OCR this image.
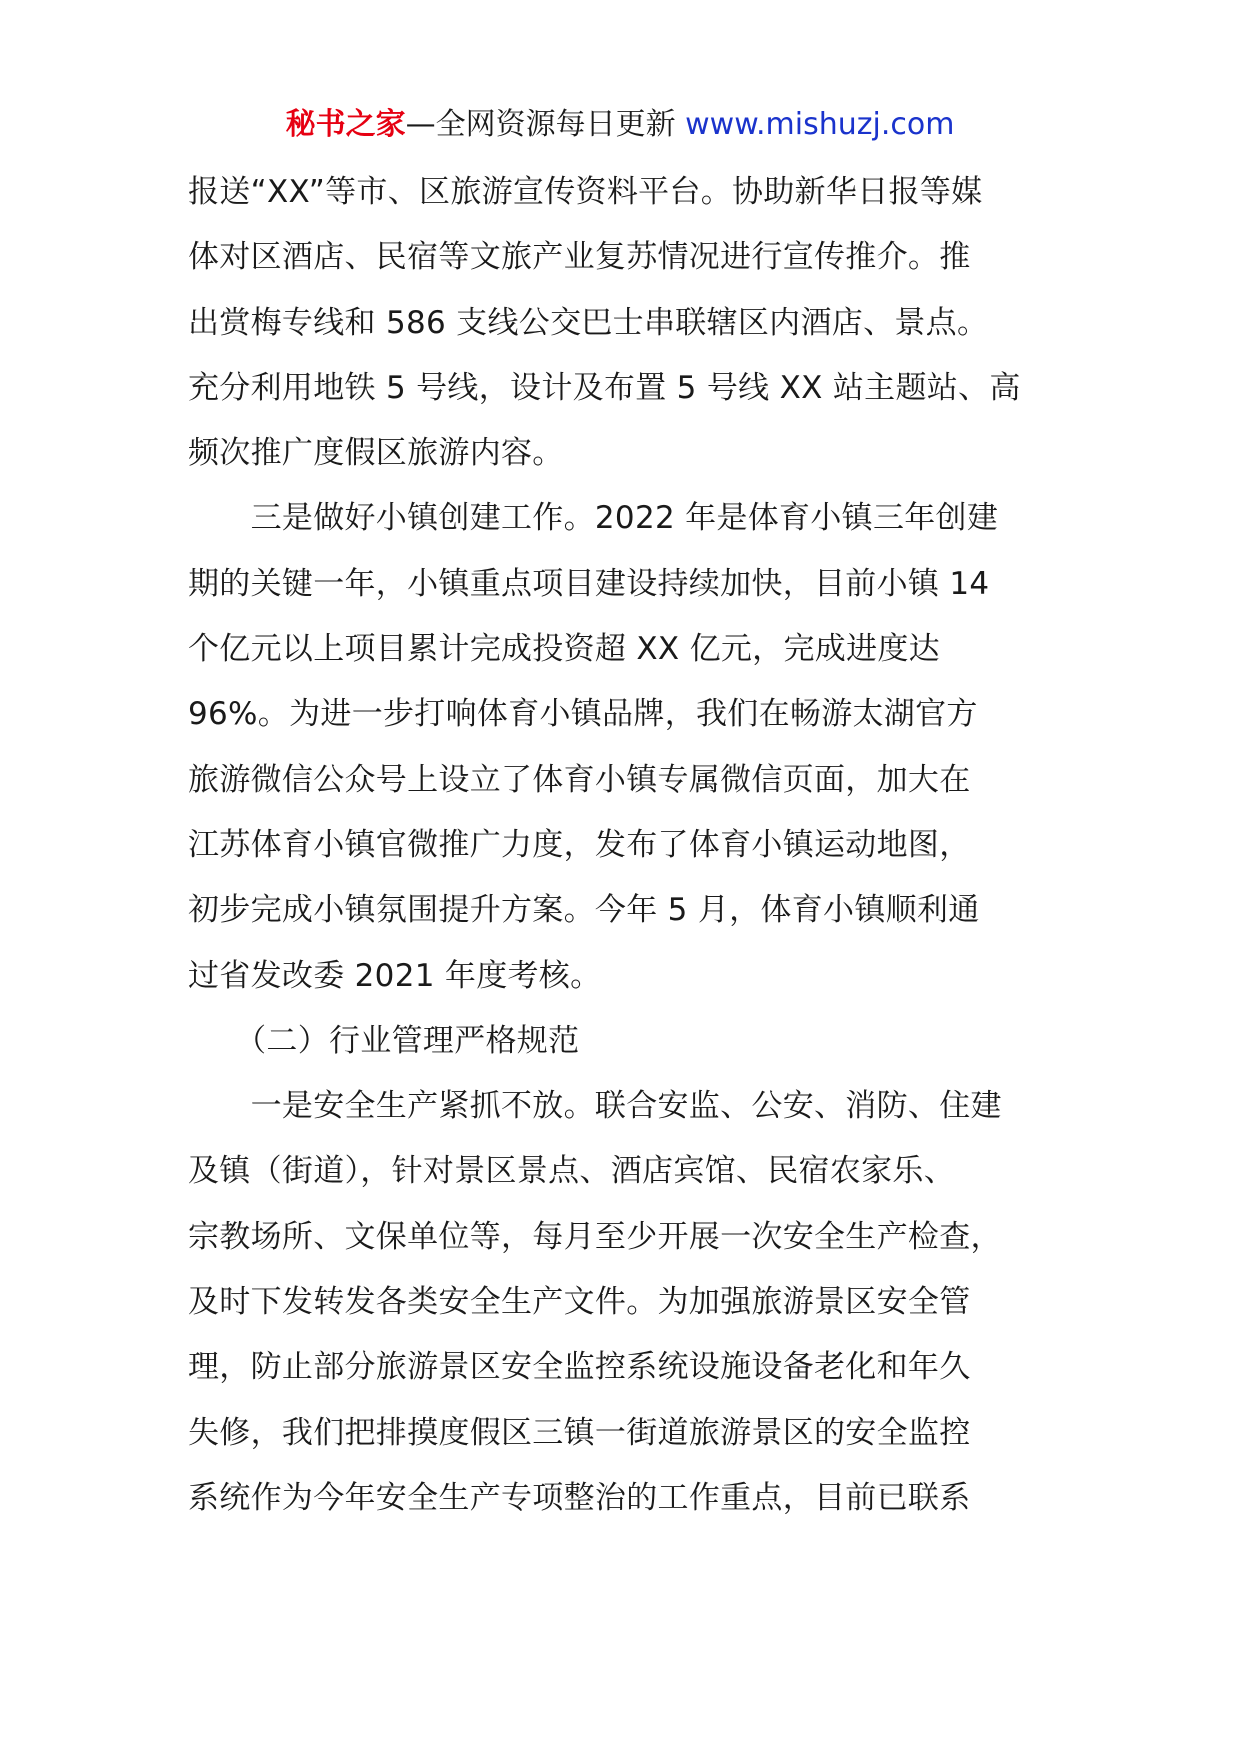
秘书之家—全网资源每日更新 www.mishuzj.com
报送“XX”等市、区旅游宣传资料平台。协助新华日报等媒
体对区酒店、民宿等文旅产业复苏情况进行宣传推介。推
出赏梅专线和 586 支线公交巴士串联辖区内酒店、景点。
充分利用地铁 5 号线，设计及布置 5 号线 XX 站主题站、高
频次推广度假区旅游内容。
　　三是做好小镇创建工作。2022 年是体育小镇三年创建
期的关键一年，小镇重点项目建设持续加快，目前小镇 14
个亿元以上项目累计完成投资超 XX 亿元，完成进度达
96%。为进一步打响体育小镇品牌，我们在畅游太湖官方
旅游微信公众号上设立了体育小镇专属微信页面，加大在
江苏体育小镇官微推广力度，发布了体育小镇运动地图，
初步完成小镇氛围提升方案。今年 5 月，体育小镇顺利通
过省发改委 2021 年度考核。
　　（二）行业管理严格规范
　　一是安全生产紧抓不放。联合安监、公安、消防、住建
及镇（街道），针对景区景点、酒店宾馆、民宿农家乐、
宗教场所、文保单位等，每月至少开展一次安全生产检查，
及时下发转发各类安全生产文件。为加强旅游景区安全管
理，防止部分旅游景区安全监控系统设施设备老化和年久
失修，我们把排摸度假区三镇一街道旅游景区的安全监控
系统作为今年安全生产专项整治的工作重点，目前已联系
